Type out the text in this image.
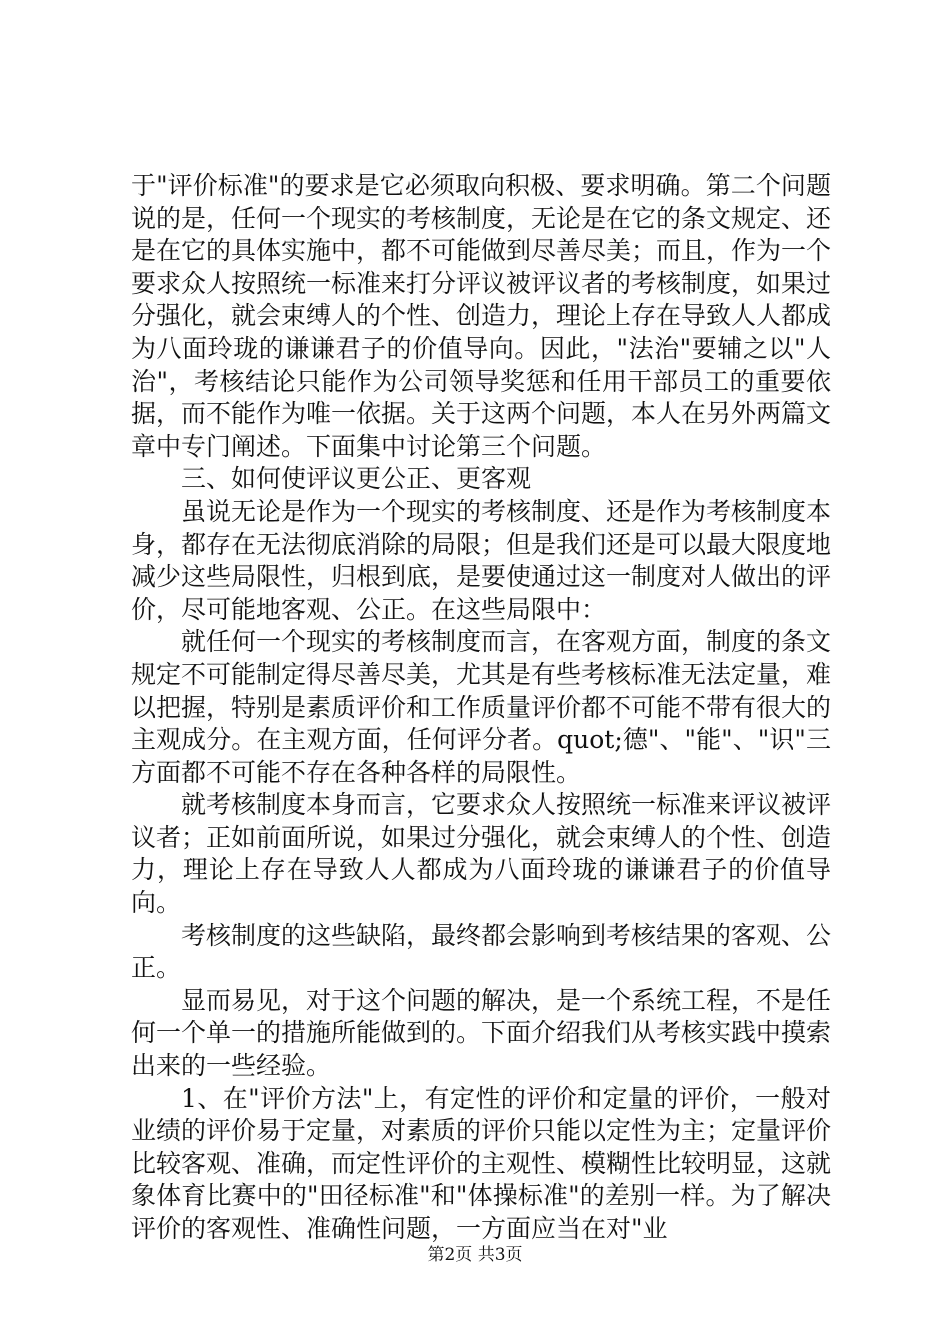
于"评价标准"的要求是它必须取向积极、要求明确。第二个问题说的是，任何一个现实的考核制度，无论是在它的条文规定、还是在它的具体实施中，都不可能做到尽善尽美；而且，作为一个要求众人按照统一标准来打分评议被评议者的考核制度，如果过分强化，就会束缚人的个性、创造力，理论上存在导致人人都成为八面玲珑的谦谦君子的价值导向。因此，"法治"要辅之以"人治"，考核结论只能作为公司领导奖惩和任用干部员工的重要依据，而不能作为唯一依据。关于这两个问题，本人在另外两篇文章中专门阐述。下面集中讨论第三个问题。

三、如何使评议更公正、更客观

虽说无论是作为一个现实的考核制度、还是作为考核制度本身，都存在无法彻底消除的局限；但是我们还是可以最大限度地减少这些局限性，归根到底，是要使通过这一制度对人做出的评价，尽可能地客观、公正。在这些局限中：

就任何一个现实的考核制度而言，在客观方面，制度的条文规定不可能制定得尽善尽美，尤其是有些考核标准无法定量，难以把握，特别是素质评价和工作质量评价都不可能不带有很大的主观成分。在主观方面，任何评分者。quot;德"、"能"、"识"三方面都不可能不存在各种各样的局限性。

就考核制度本身而言，它要求众人按照统一标准来评议被评议者；正如前面所说，如果过分强化，就会束缚人的个性、创造力，理论上存在导致人人都成为八面玲珑的谦谦君子的价值导向。

考核制度的这些缺陷，最终都会影响到考核结果的客观、公正。

显而易见，对于这个问题的解决，是一个系统工程，不是任何一个单一的措施所能做到的。下面介绍我们从考核实践中摸索出来的一些经验。

1、在"评价方法"上，有定性的评价和定量的评价，一般对业绩的评价易于定量，对素质的评价只能以定性为主；定量评价比较客观、准确，而定性评价的主观性、模糊性比较明显，这就象体育比赛中的"田径标准"和"体操标准"的差别一样。为了解决评价的客观性、准确性问题，一方面应当在对"业

第2页 共3页
